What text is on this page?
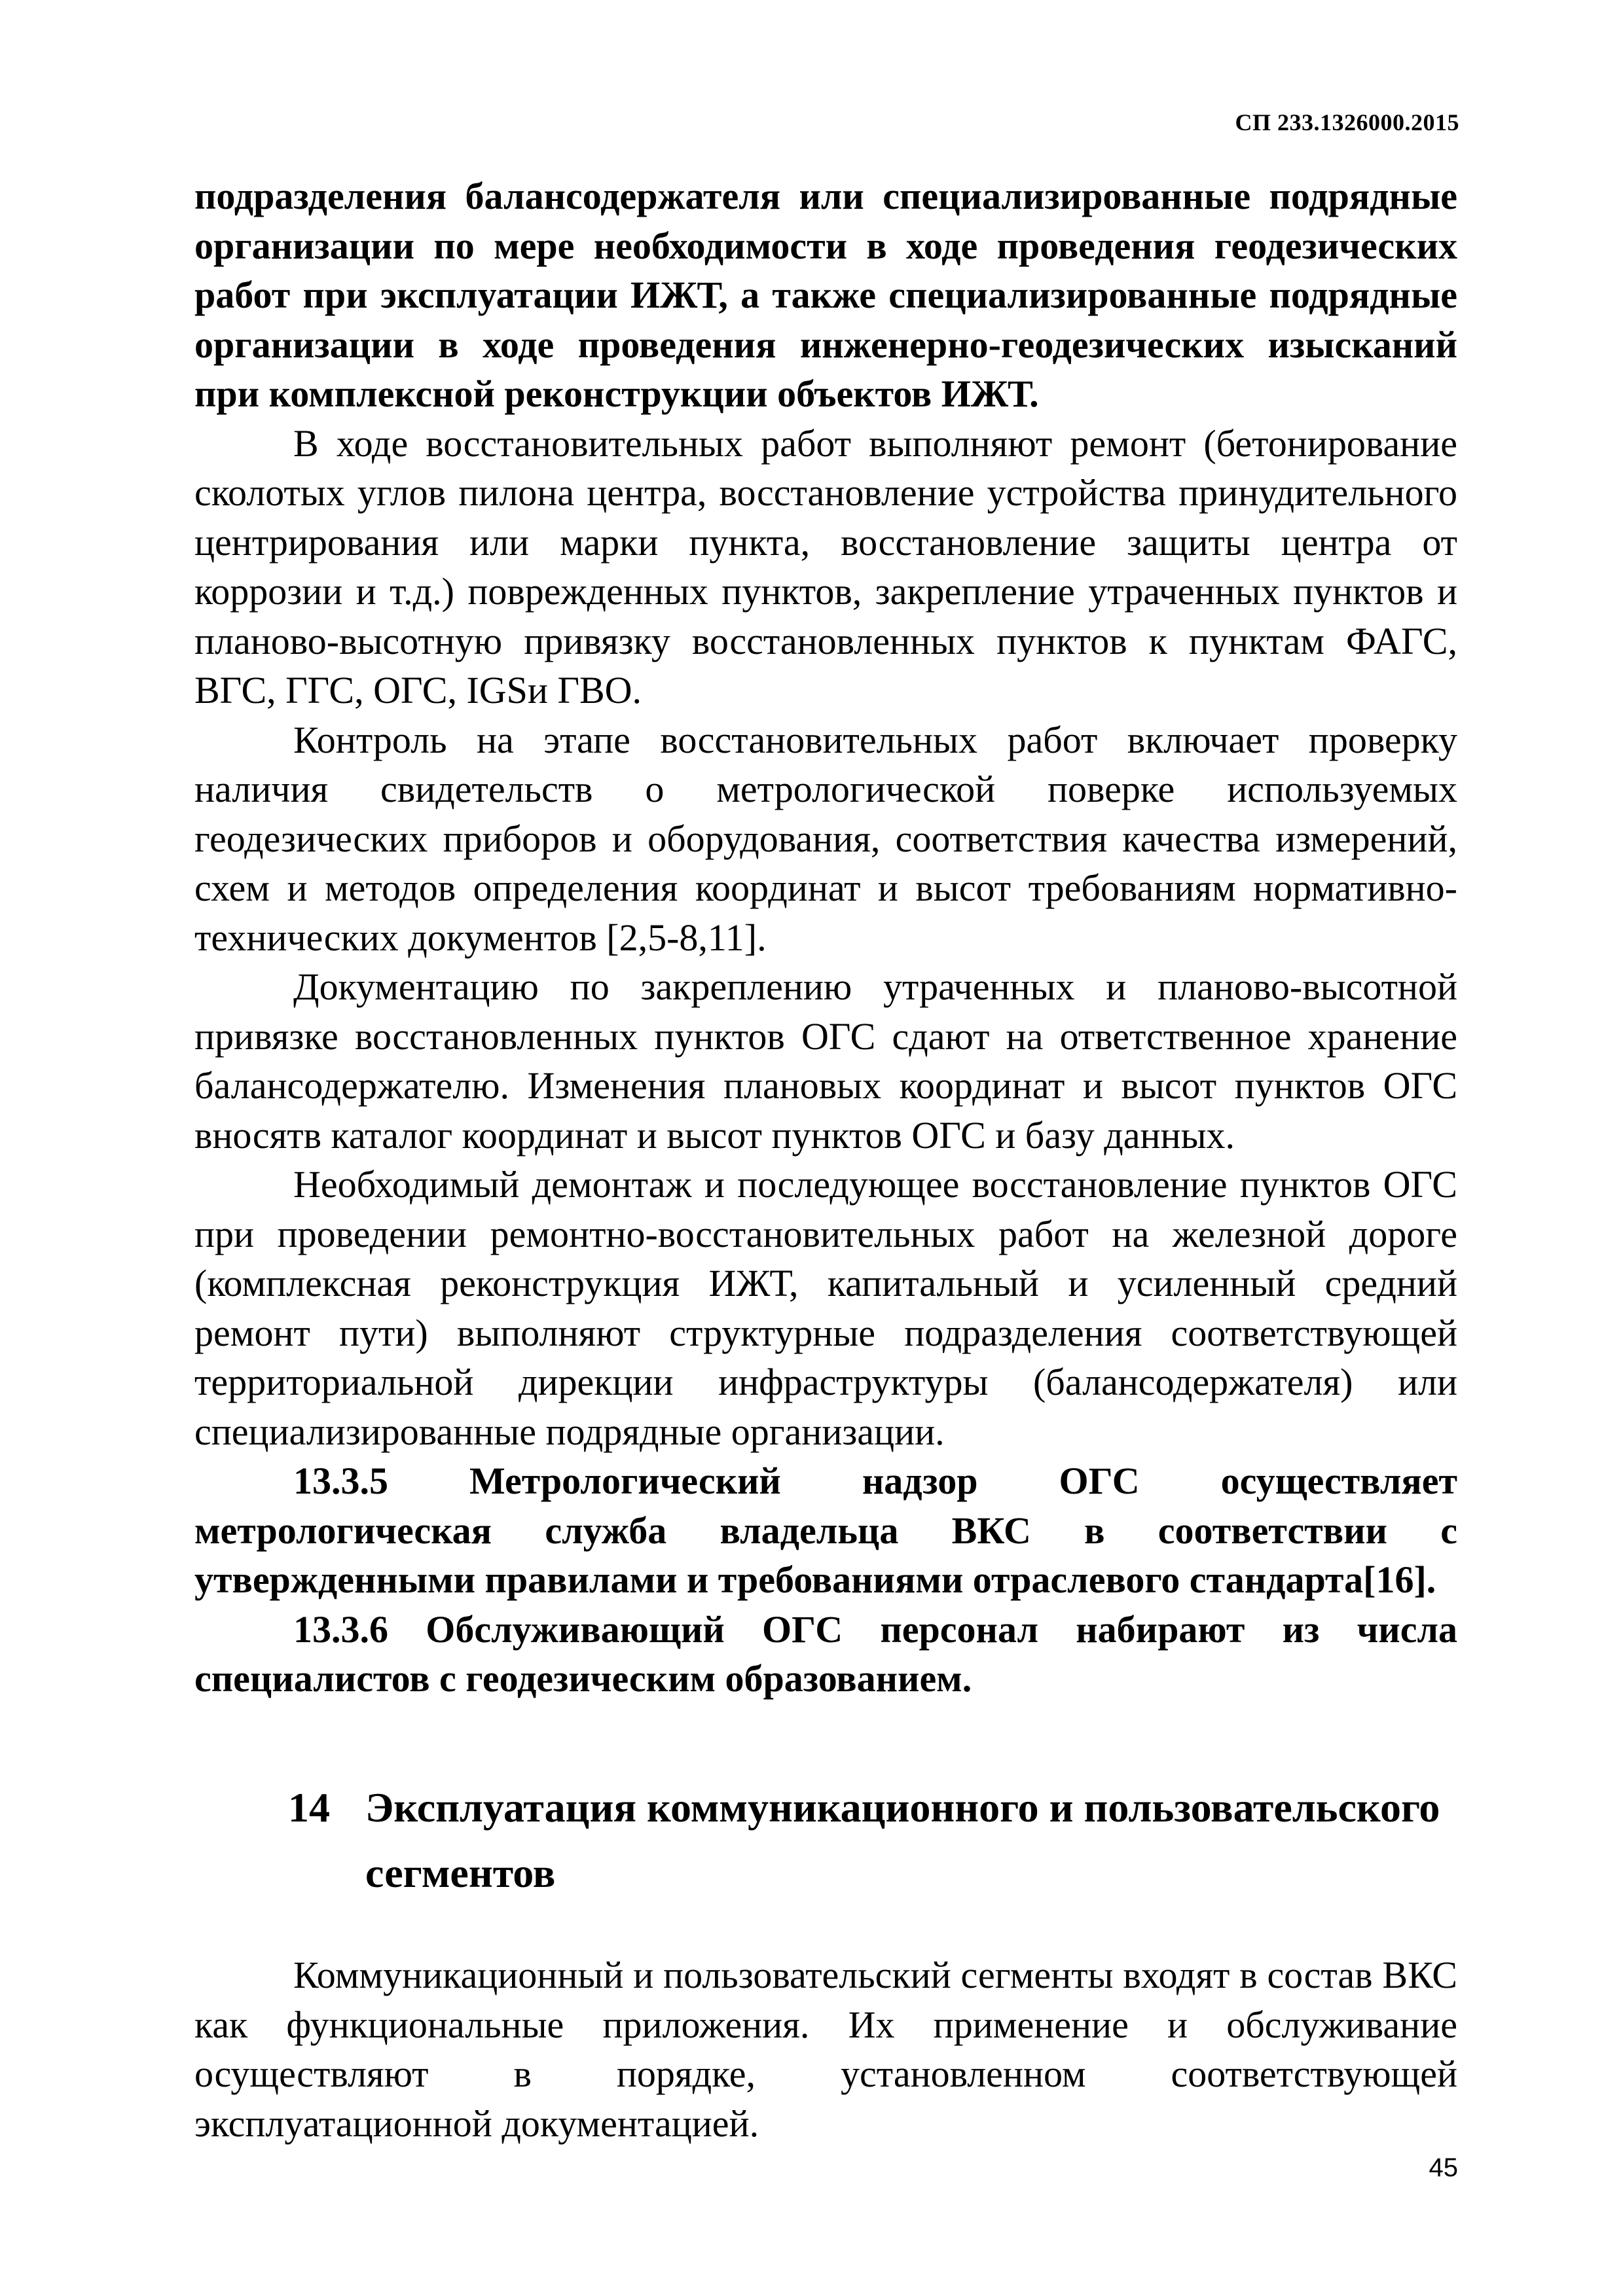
СП 233.1326000.2015

подразделения балансодержателя или специализированные подрядные организации по мере необходимости в ходе проведения геодезических работ при эксплуатации ИЖТ, а также специализированные подрядные организации в ходе проведения инженерно-геодезических изысканий при комплексной реконструкции объектов ИЖТ.

В ходе восстановительных работ выполняют ремонт (бетонирование сколотых углов пилона центра, восстановление устройства принудительного центрирования или марки пункта, восстановление защиты центра от коррозии и т.д.) поврежденных пунктов, закрепление утраченных пунктов и планово-высотную привязку восстановленных пунктов к пунктам ФАГС, ВГС, ГГС, ОГС, IGSи ГВО.

Контроль на этапе восстановительных работ включает проверку наличия свидетельств о метрологической поверке используемых геодезических приборов и оборудования, соответствия качества измерений, схем и методов определения координат и высот требованиям нормативно-технических документов [2,5-8,11].

Документацию по закреплению утраченных и планово-высотной привязке восстановленных пунктов ОГС сдают на ответственное хранение балансодержателю. Изменения плановых координат и высот пунктов ОГС вносятв каталог координат и высот пунктов ОГС и базу данных.

Необходимый демонтаж и последующее восстановление пунктов ОГС при проведении ремонтно-восстановительных работ на железной дороге (комплексная реконструкция ИЖТ, капитальный и усиленный средний ремонт пути) выполняют структурные подразделения соответствующей территориальной дирекции инфраструктуры (балансодержателя) или специализированные подрядные организации.

13.3.5 Метрологический надзор ОГС осуществляет метрологическая служба владельца ВКС в соответствии с утвержденными правилами и требованиями отраслевого стандарта[16].

13.3.6 Обслуживающий ОГС персонал набирают из числа специалистов с геодезическим образованием.

14 Эксплуатация коммуникационного и пользовательского сегментов

Коммуникационный и пользовательский сегменты входят в состав ВКС как функциональные приложения. Их применение и обслуживание осуществляют в порядке, установленном соответствующей эксплуатационной документацией.

45
